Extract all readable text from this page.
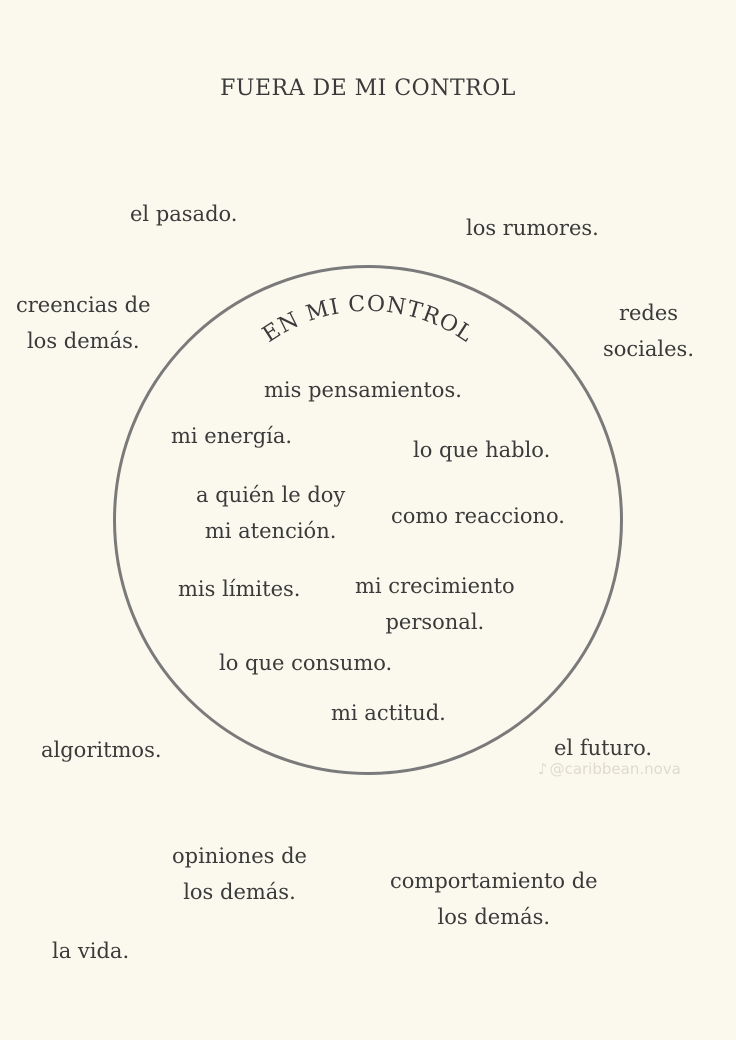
FUERA DE MI CONTROL
el pasado.
los rumores.
creencias de
los demás.
redes
sociales.
algoritmos.	el futuro.
opiniones de
los demás.	comportamiento de
los demás.
la vida.
EN MI CONTROL
mis pensamientos.
mi energía.
lo que hablo.
a quién le doy
mi atención.
como reacciono.
mis límites.	mi crecimiento
personal.
lo que consumo.
mi actitud.
♪ @caribbean.nova
